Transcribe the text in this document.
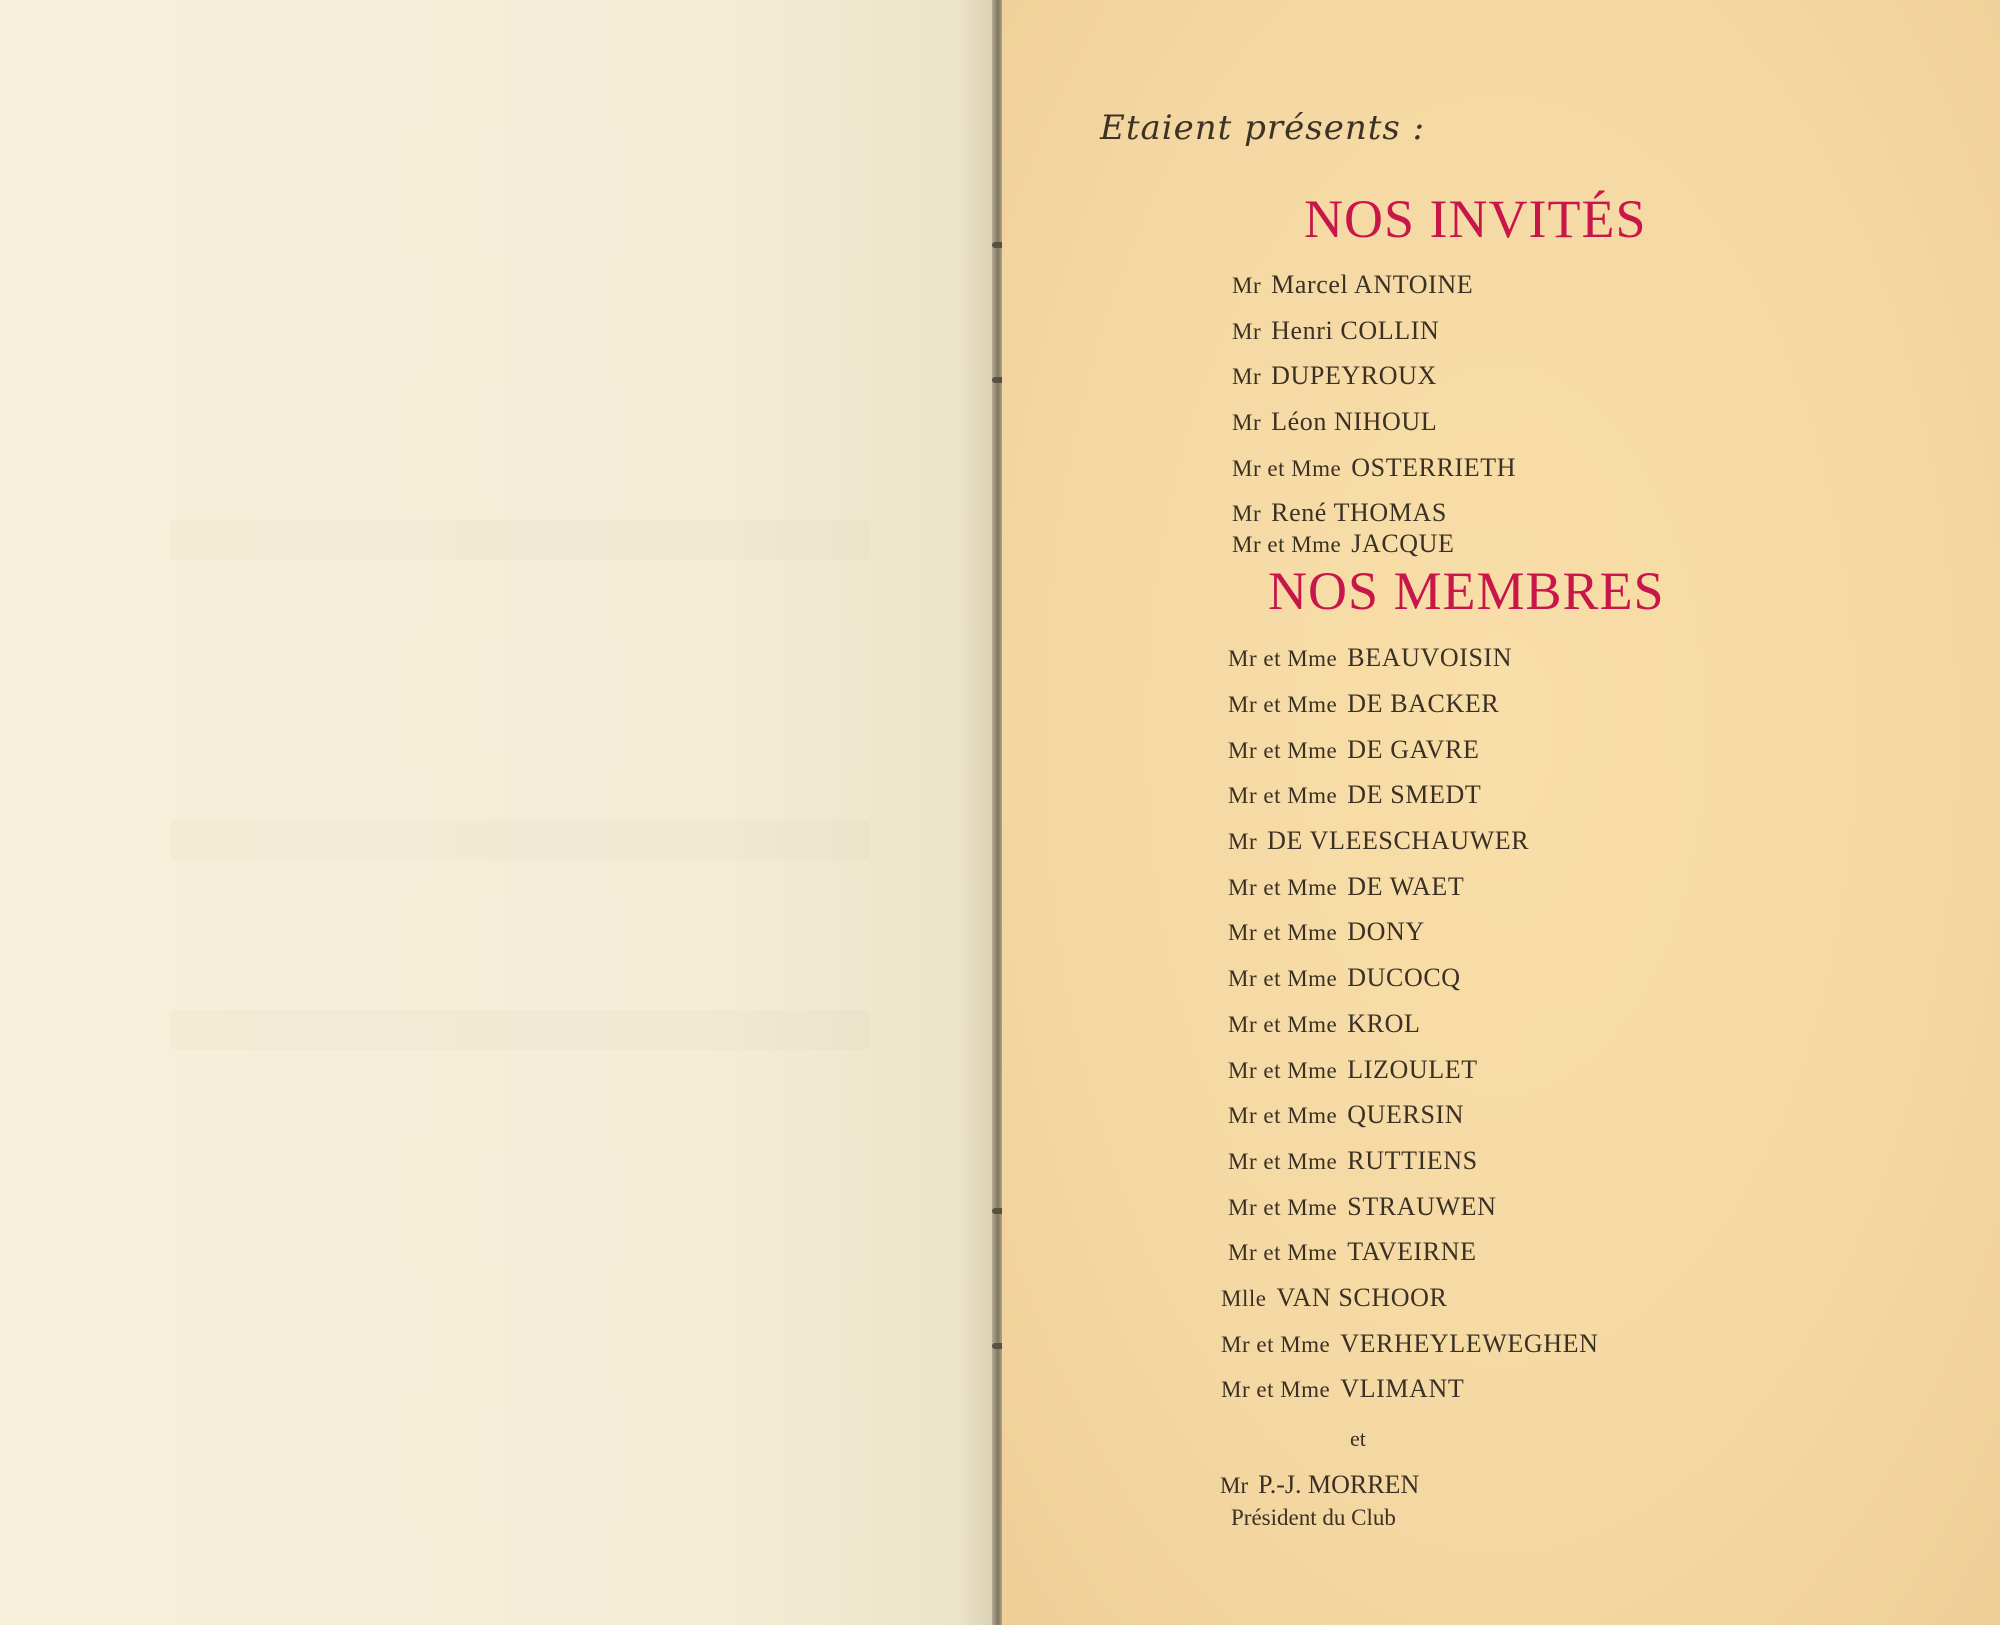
Etaient présents :
NOS INVITÉS
Mr Marcel ANTOINE
Mr Henri COLLIN
Mr DUPEYROUX
Mr Léon NIHOUL
Mr et Mme OSTERRIETH
Mr René THOMAS
Mr et Mme JACQUE
NOS MEMBRES
Mr et Mme BEAUVOISIN
Mr et Mme DE BACKER
Mr et Mme DE GAVRE
Mr et Mme DE SMEDT
Mr DE VLEESCHAUWER
Mr et Mme DE WAET
Mr et Mme DONY
Mr et Mme DUCOCQ
Mr et Mme KROL
Mr et Mme LIZOULET
Mr et Mme QUERSIN
Mr et Mme RUTTIENS
Mr et Mme STRAUWEN
Mr et Mme TAVEIRNE
Mlle VAN SCHOOR
Mr et Mme VERHEYLEWEGHEN
Mr et Mme VLIMANT
et
Mr P.-J. MORREN
Président du Club
